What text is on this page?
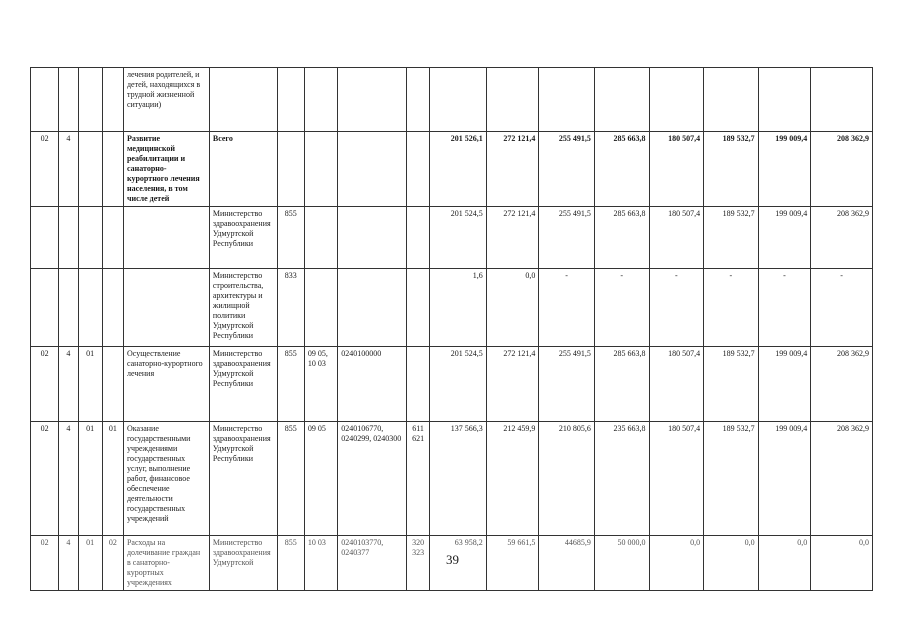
				лечения родителей, и детей, находящихся в трудной жизненной ситуации)													
02	4			Развитие медицинской реабилитации и санаторно-курортного лечения населения, в том числе детей	Всего					201 526,1	272 121,4	255 491,5	285 663,8	180 507,4	189 532,7	199 009,4	208 362,9
					Министерство здравоохранения Удмуртской Республики	855				201 524,5	272 121,4	255 491,5	285 663,8	180 507,4	189 532,7	199 009,4	208 362,9
					Министерство строительства, архитектуры и жилищной политики Удмуртской Республики	833				1,6	0,0	-	-	-	-	-	-
02	4	01		Осуществление санаторно-курортного лечения	Министерство здравоохранения Удмуртской Республики	855	09 05, 10 03	0240100000		201 524,5	272 121,4	255 491,5	285 663,8	180 507,4	189 532,7	199 009,4	208 362,9
02	4	01	01	Оказание государственными учреждениями государственных услуг, выполнение работ, финансовое обеспечение деятельности государственных учреждений	Министерство здравоохранения Удмуртской Республики	855	09 05	0240106770, 0240299, 0240300	611 621	137 566,3	212 459,9	210 805,6	235 663,8	180 507,4	189 532,7	199 009,4	208 362,9
02	4	01	02	Расходы на долечивание граждан в санаторно-курортных учреждениях	Министерство здравоохранения Удмуртской	855	10 03	0240103770, 0240377	320 323	63 958,2	59 661,5	44685,9	50 000,0	0,0	0,0	0,0	0,0
39
